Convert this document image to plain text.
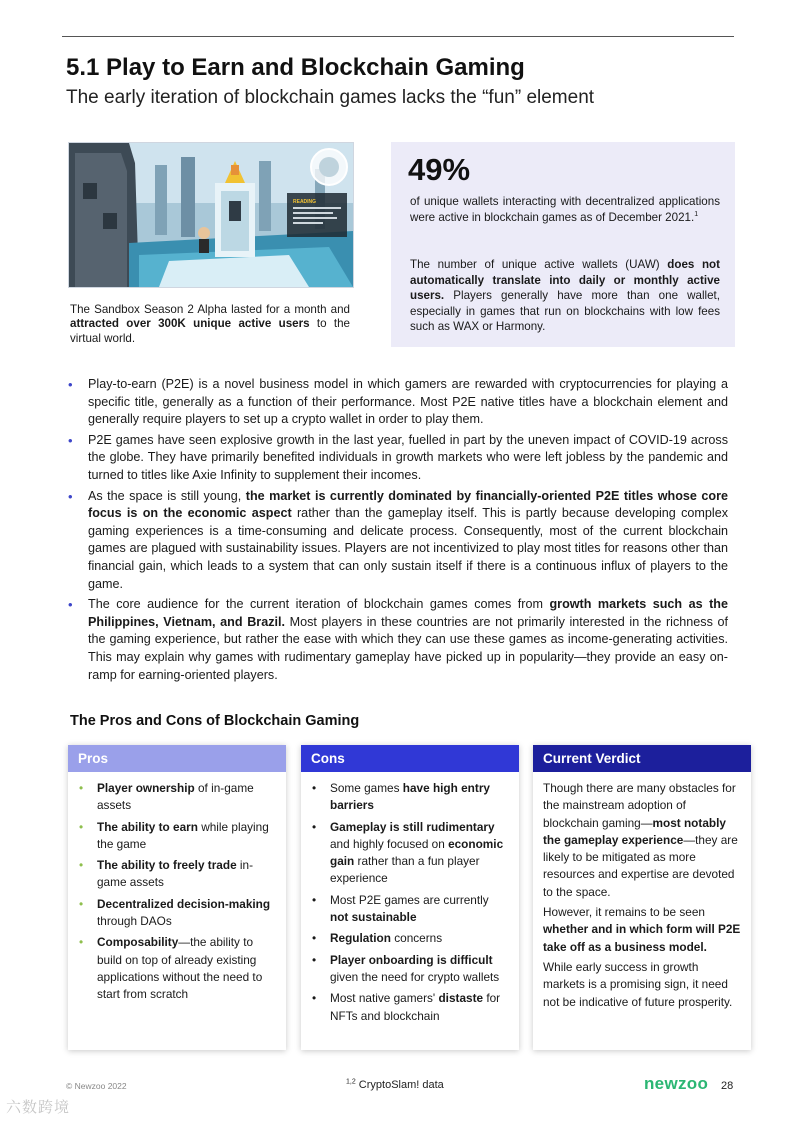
5.1 Play to Earn and Blockchain Gaming
The early iteration of blockchain games lacks the “fun” element
READING
The Sandbox Season 2 Alpha lasted for a month and attracted over 300K unique active users to the virtual world.
49%
of unique wallets interacting with decentralized applications were active in blockchain games as of December 2021.$^1$
The number of unique active wallets (UAW) does not automatically translate into daily or monthly active users. Players generally have more than one wallet, especially in games that run on blockchains with low fees such as WAX or Harmony.
• Play-to-earn (P2E) is a novel business model in which gamers are rewarded with cryptocurrencies for playing a specific title, generally as a function of their performance. Most P2E native titles have a blockchain element and generally require players to set up a crypto wallet in order to play them.
• P2E games have seen explosive growth in the last year, fuelled in part by the uneven impact of COVID-19 across the globe. They have primarily benefited individuals in growth markets who were left jobless by the pandemic and turned to titles like Axie Infinity to supplement their incomes.
• As the space is still young, the market is currently dominated by financially-oriented P2E titles whose core focus is on the economic aspect rather than the gameplay itself. This is partly because developing complex gaming experiences is a time-consuming and delicate process. Consequently, most of the current blockchain games are plagued with sustainability issues. Players are not incentivized to play most titles for reasons other than financial gain, which leads to a system that can only sustain itself if there is a continuous influx of players to the game.
• The core audience for the current iteration of blockchain games comes from growth markets such as the Philippines, Vietnam, and Brazil. Most players in these countries are not primarily interested in the richness of the gaming experience, but rather the ease with which they can use these games as income-generating activities. This may explain why games with rudimentary gameplay have picked up in popularity—they provide an easy on-ramp for earning-oriented players.
The Pros and Cons of Blockchain Gaming
Pros
• Player ownership of in-game assets
• The ability to earn while playing the game
• The ability to freely trade in-game assets
• Decentralized decision-making through DAOs
• Composability—the ability to build on top of already existing applications without the need to start from scratch
Cons
• Some games have high entry barriers
• Gameplay is still rudimentary and highly focused on economic gain rather than a fun player experience
• Most P2E games are currently not sustainable
• Regulation concerns
• Player onboarding is difficult given the need for crypto wallets
• Most native gamers' distaste for NFTs and blockchain
Current Verdict

Though there are many obstacles for the mainstream adoption of blockchain gaming—most notably the gameplay experience—they are likely to be mitigated as more resources and expertise are devoted to the space.

However, it remains to be seen whether and in which form will P2E take off as a business model.

While early success in growth markets is a promising sign, it need not be indicative of future prosperity.

© Newzoo 2022	$^{1,2}$ CryptoSlam! data	newzoo 28
六数跨境
